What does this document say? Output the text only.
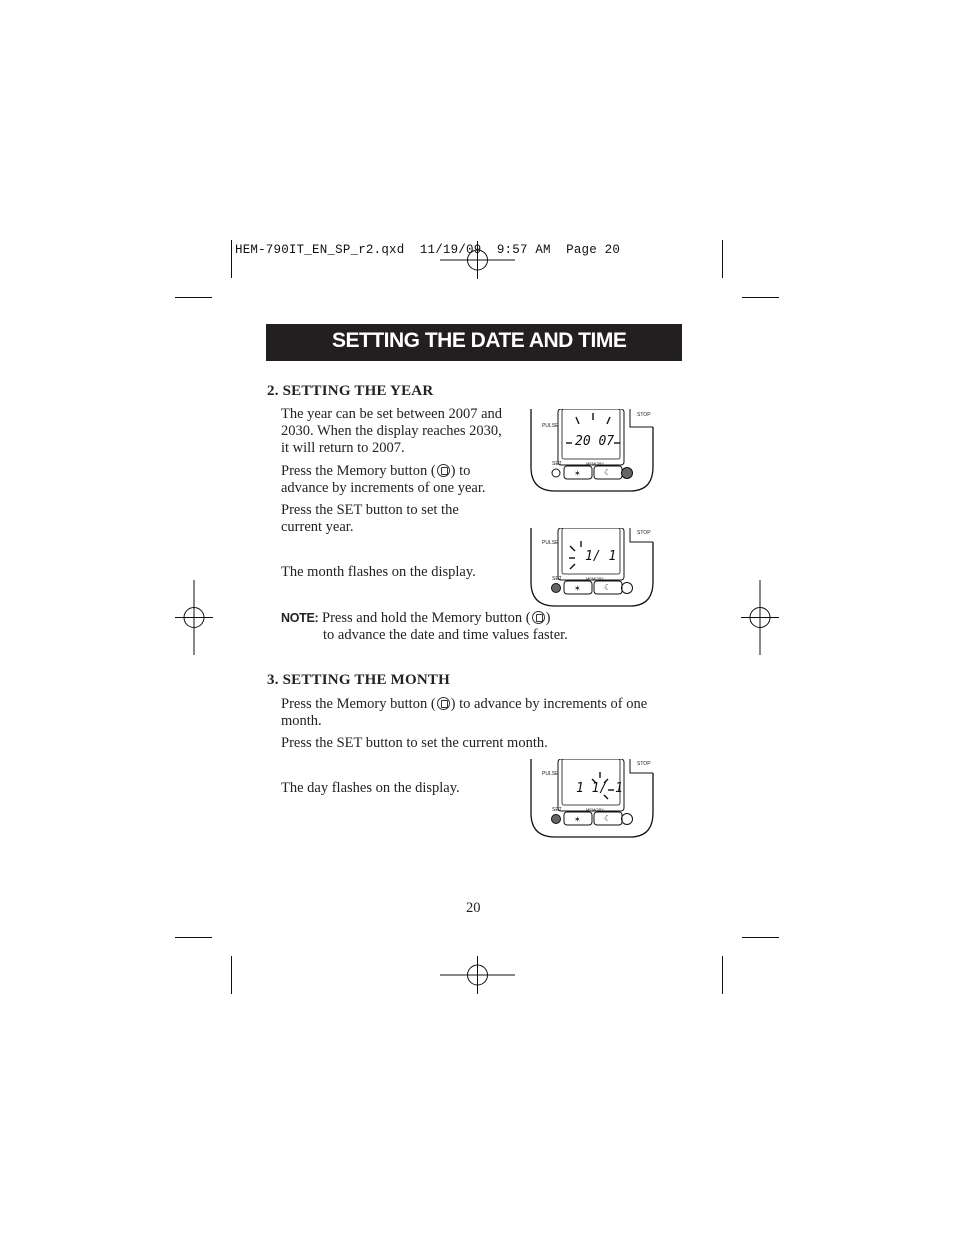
HEM-790IT_EN_SP_r2.qxd  11/19/09  9:57 AM  Page 20
SETTING THE DATE AND TIME
2. SETTING THE YEAR
The year can be set between 2007 and 2030. When the display reaches 2030, it will return to 2007.
Press the Memory button ( ) to advance by increments of one year.
Press the SET button to set the current year.
The month flashes on the display.
NOTE: Press and hold the Memory button ( )
to advance the date and time values faster.
3. SETTING THE MONTH
Press the Memory button ( ) to advance by increments of one month.
Press the SET button to set the current month.
The day flashes on the display.
20 07
PULSE
SET	MEMORY
STOP
✶	☾
1/ 1
PULSE
SET	MEMORY
STOP
✶	☾
1 1/ 1
PULSE
SET	MEMORY
STOP
✶	☾
20
